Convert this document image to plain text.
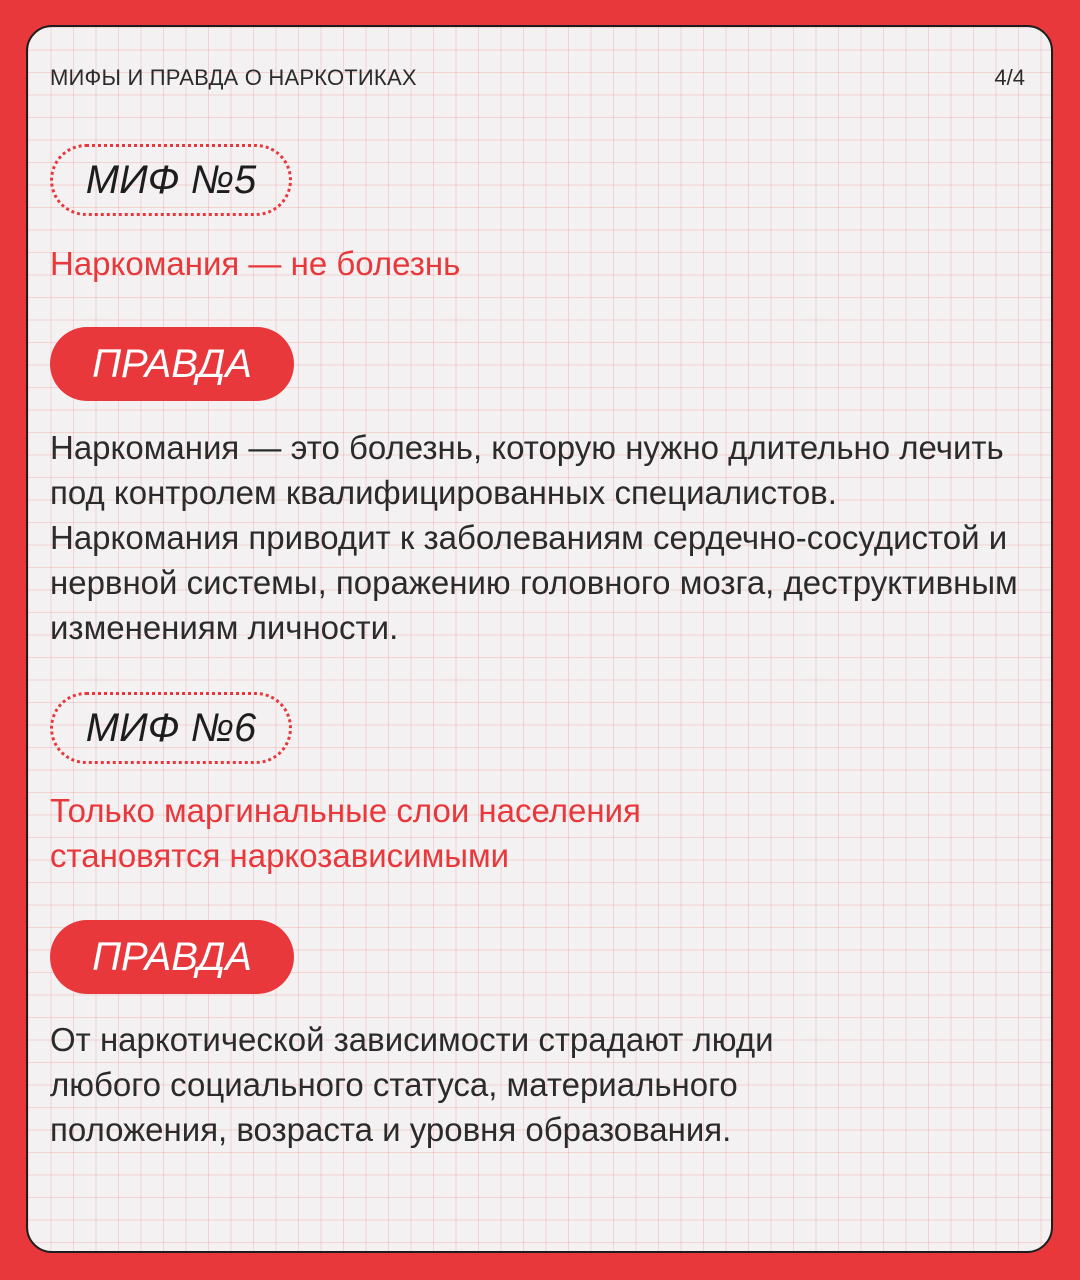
МИФЫ И ПРАВДА О НАРКОТИКАХ	4/4
МИФ №5
Наркомания — не болезнь
ПРАВДА
Наркомания — это болезнь, которую нужно длительно лечить под контролем квалифицированных специалистов. Наркомания приводит к заболеваниям сердечно-сосудистой и нервной системы, поражению головного мозга, деструктивным изменениям личности.
МИФ №6
Только маргинальные слои населения становятся наркозависимыми
ПРАВДА
От наркотической зависимости страдают люди любого социального статуса, материального положения, возраста и уровня образования.
